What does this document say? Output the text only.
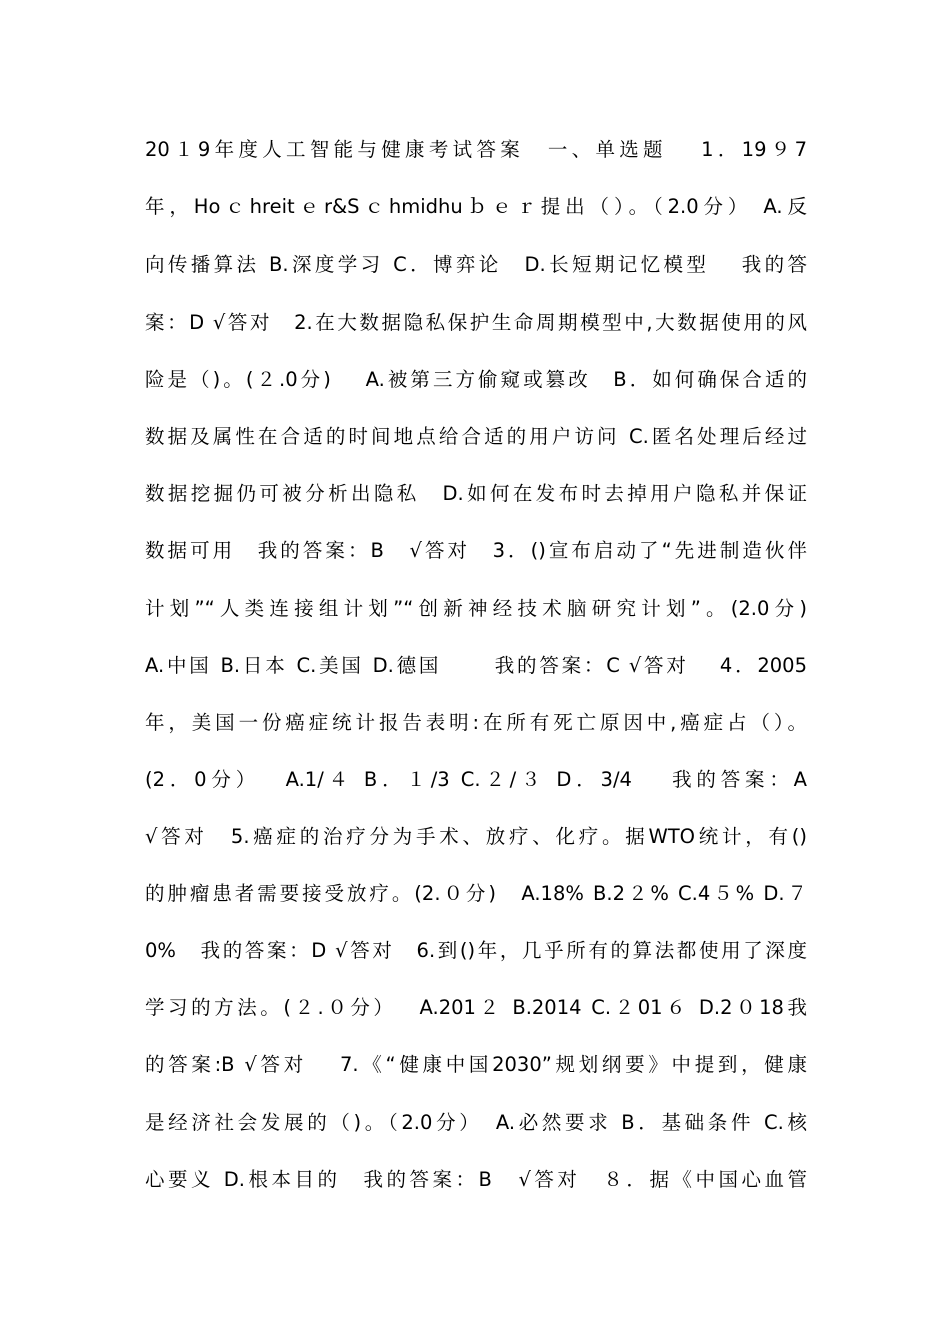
20１9年度人工智能与健康考试答案　一、单选题　 1．19９7
年，Hoｃhreitｅr&Sｃhmidhuｂｅｒ提出（）。（2.0分） A.反
向传播算法 B.深度学习 C．博弈论　D.长短期记忆模型　 我的答
案：D √答对　2.在大数据隐私保护生命周期模型中,大数据使用的风
险是（)。(２.0分)　 A.被第三方偷窥或篡改　B．如何确保合适的
数据及属性在合适的时间地点给合适的用户访问 C.匿名处理后经过
数据挖掘仍可被分析出隐私　D.如何在发布时去掉用户隐私并保证
数据可用　我的答案：B　√答对　3．()宣布启动了“先进制造伙伴
计划”“人类连接组计划”“创新神经技术脑研究计划”。(2.0分)
A.中国 B.日本 C.美国 D.德国　　 我的答案：C √答对　 4．2005
年，美国一份癌症统计报告表明:在所有死亡原因中,癌症占（）。
(2．0分）　 A.1/４ B．１/3 C.２/３ D．3/4　 我的答案：A
√答对　5.癌症的治疗分为手术、放疗、化疗。据WTO统计，有()
的肿瘤患者需要接受放疗。(2.０分)　A.18% B.2２% C.4５% D.７
0%　我的答案：D √答对　6.到()年，几乎所有的算法都使用了深度
学习的方法。(２.０分）　 A.201２ B.2014 C.２01６ D.2０18我
的答案:B √答对　 7.《“健康中国2030”规划纲要》中提到，健康
是经济社会发展的（)。（2.0分）　A.必然要求 B．基础条件 C.核
心要义 D.根本目的　我的答案：B　√答对　８．据《中国心血管
